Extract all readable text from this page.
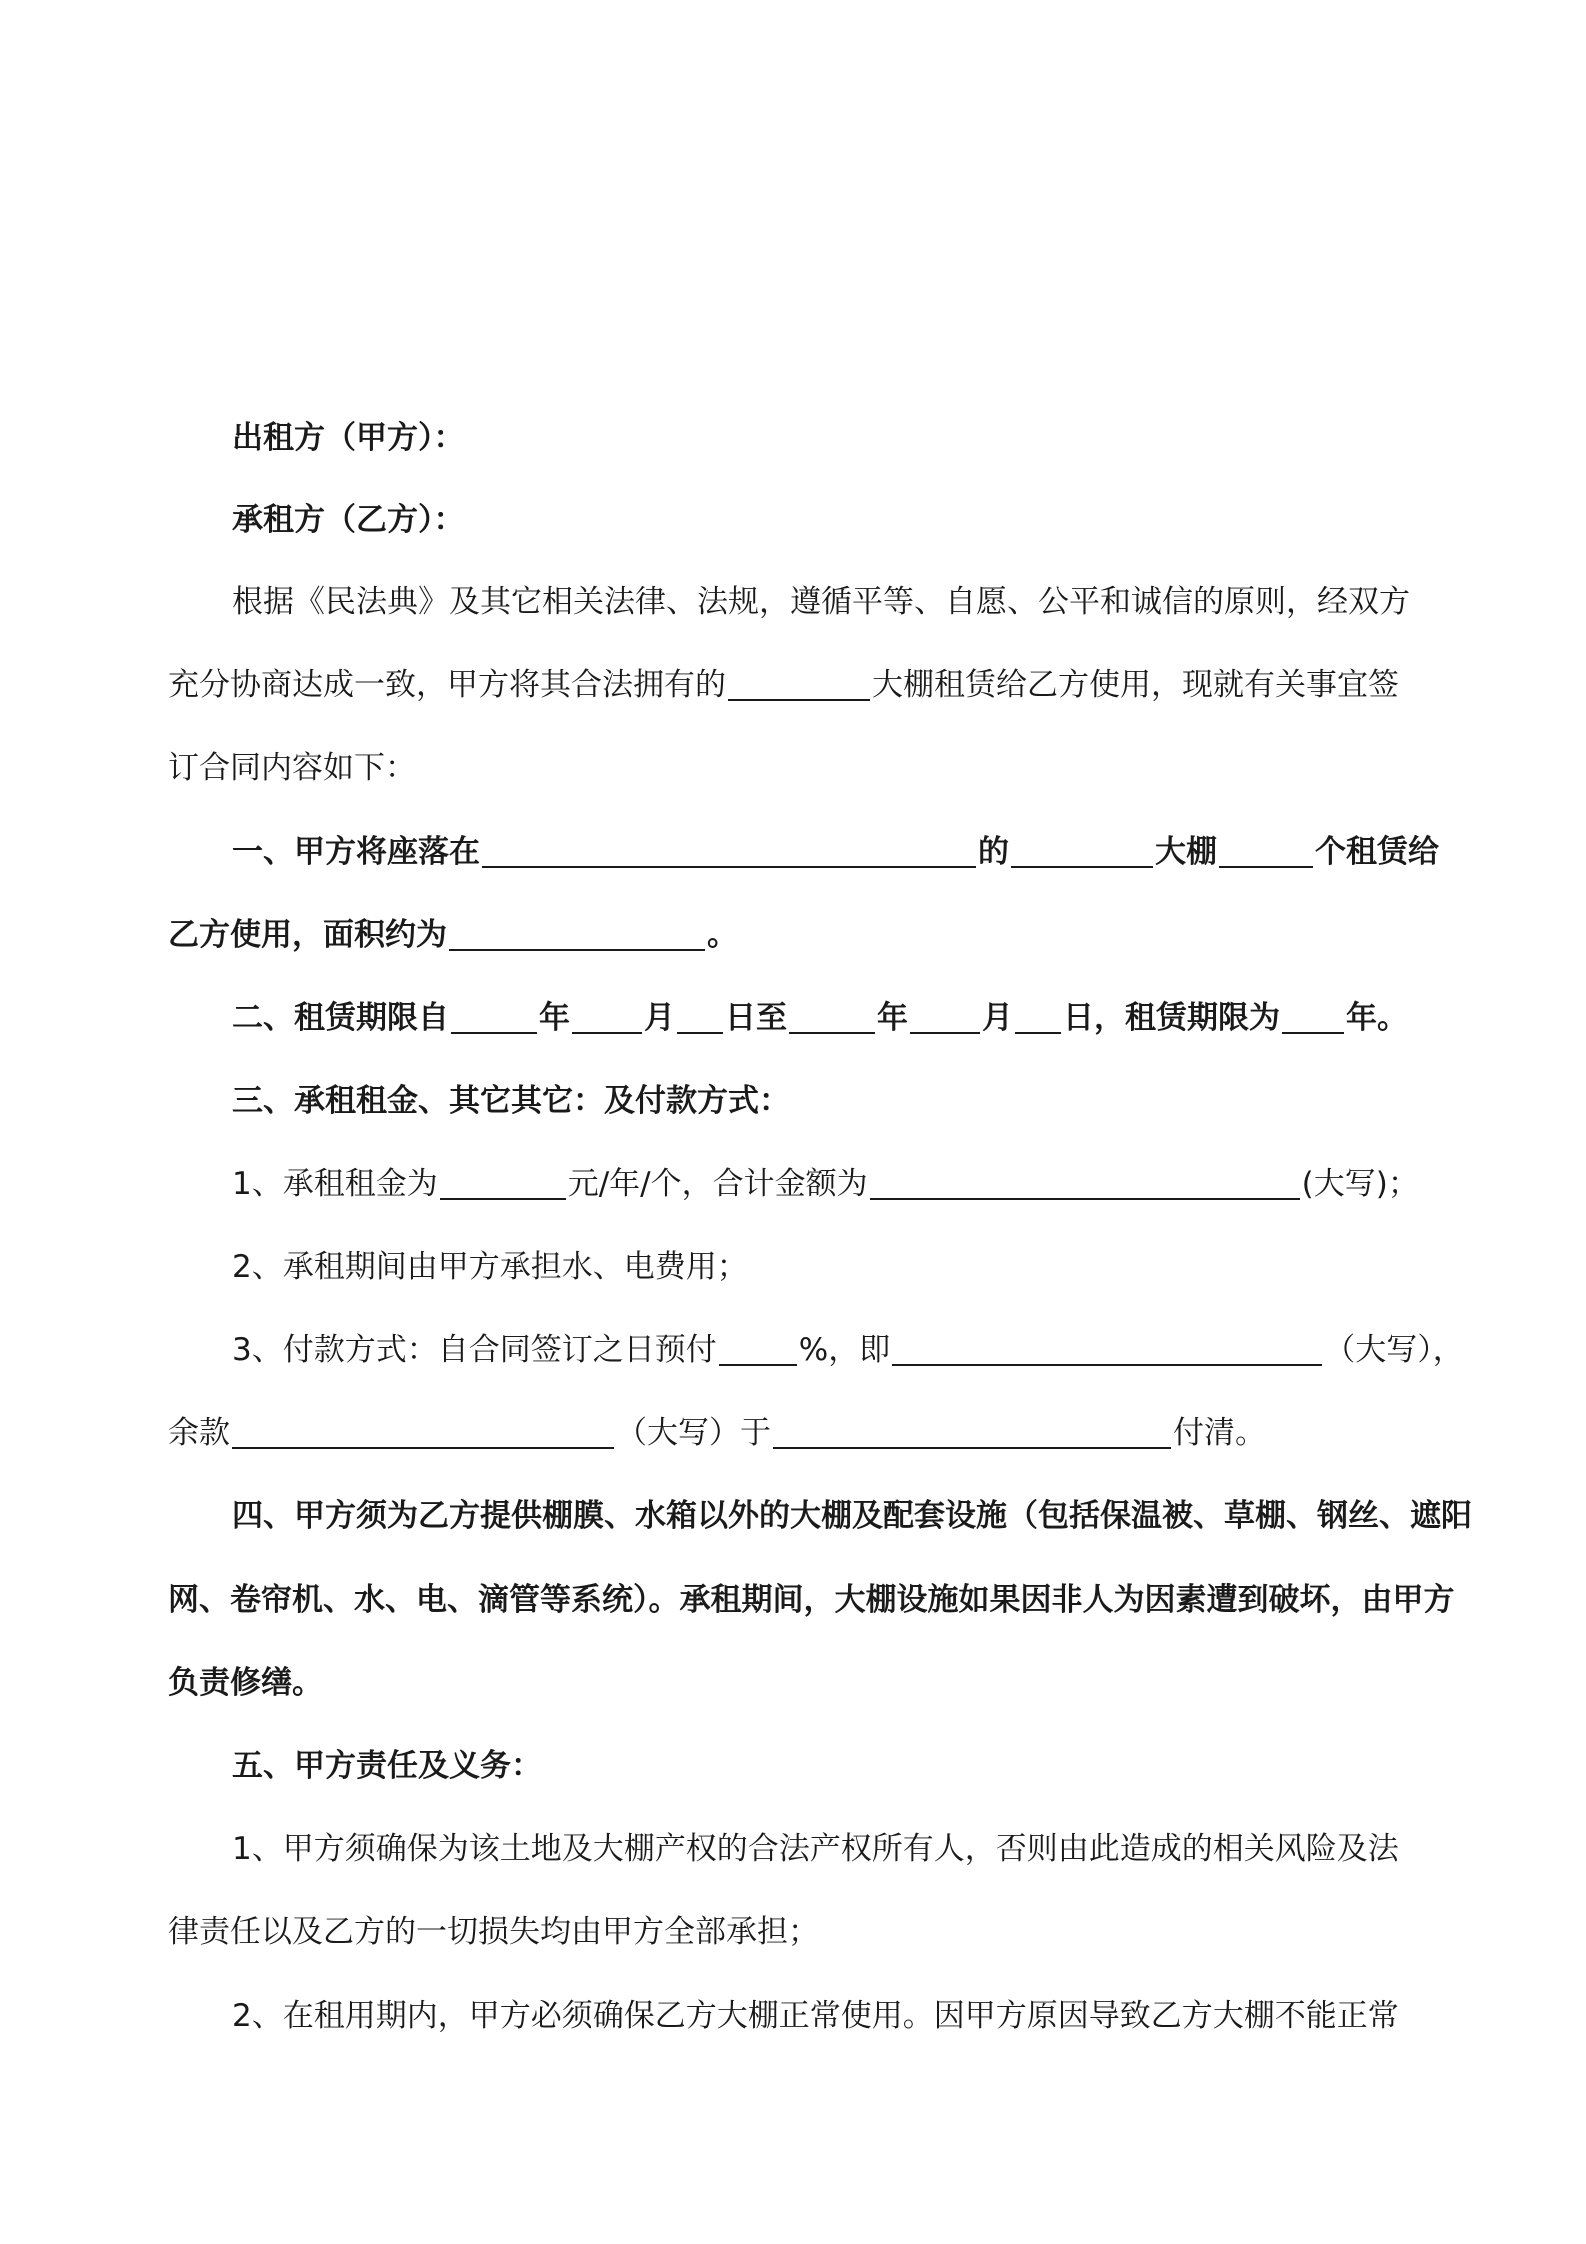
出租方（甲方）：
承租方（乙方）：
根据《民法典》及其它相关法律、法规，遵循平等、自愿、公平和诚信的原则，经双方
充分协商达成一致，甲方将其合法拥有的	大棚租赁给乙方使用，现就有关事宜签
订合同内容如下：
一、甲方将座落在	的	大棚	个租赁给
乙方使用，面积约为	。
二、租赁期限自	年 月 日至	年 月 日，租赁期限为 年。
三、承租租金、其它其它：及付款方式：
1、承租租金为	元/年/个，合计金额为	(大写)；
2、承租期间由甲方承担水、电费用；
3、付款方式：自合同签订之日预付	%，即	（大写），
余款	（大写）于	付清。
四、甲方须为乙方提供棚膜、水箱以外的大棚及配套设施（包括保温被、草棚、钢丝、遮阳
网、卷帘机、水、电、滴管等系统）。承租期间，大棚设施如果因非人为因素遭到破坏，由甲方
负责修缮。
五、甲方责任及义务：
1、甲方须确保为该土地及大棚产权的合法产权所有人，否则由此造成的相关风险及法
律责任以及乙方的一切损失均由甲方全部承担；
2、在租用期内，甲方必须确保乙方大棚正常使用。因甲方原因导致乙方大棚不能正常
